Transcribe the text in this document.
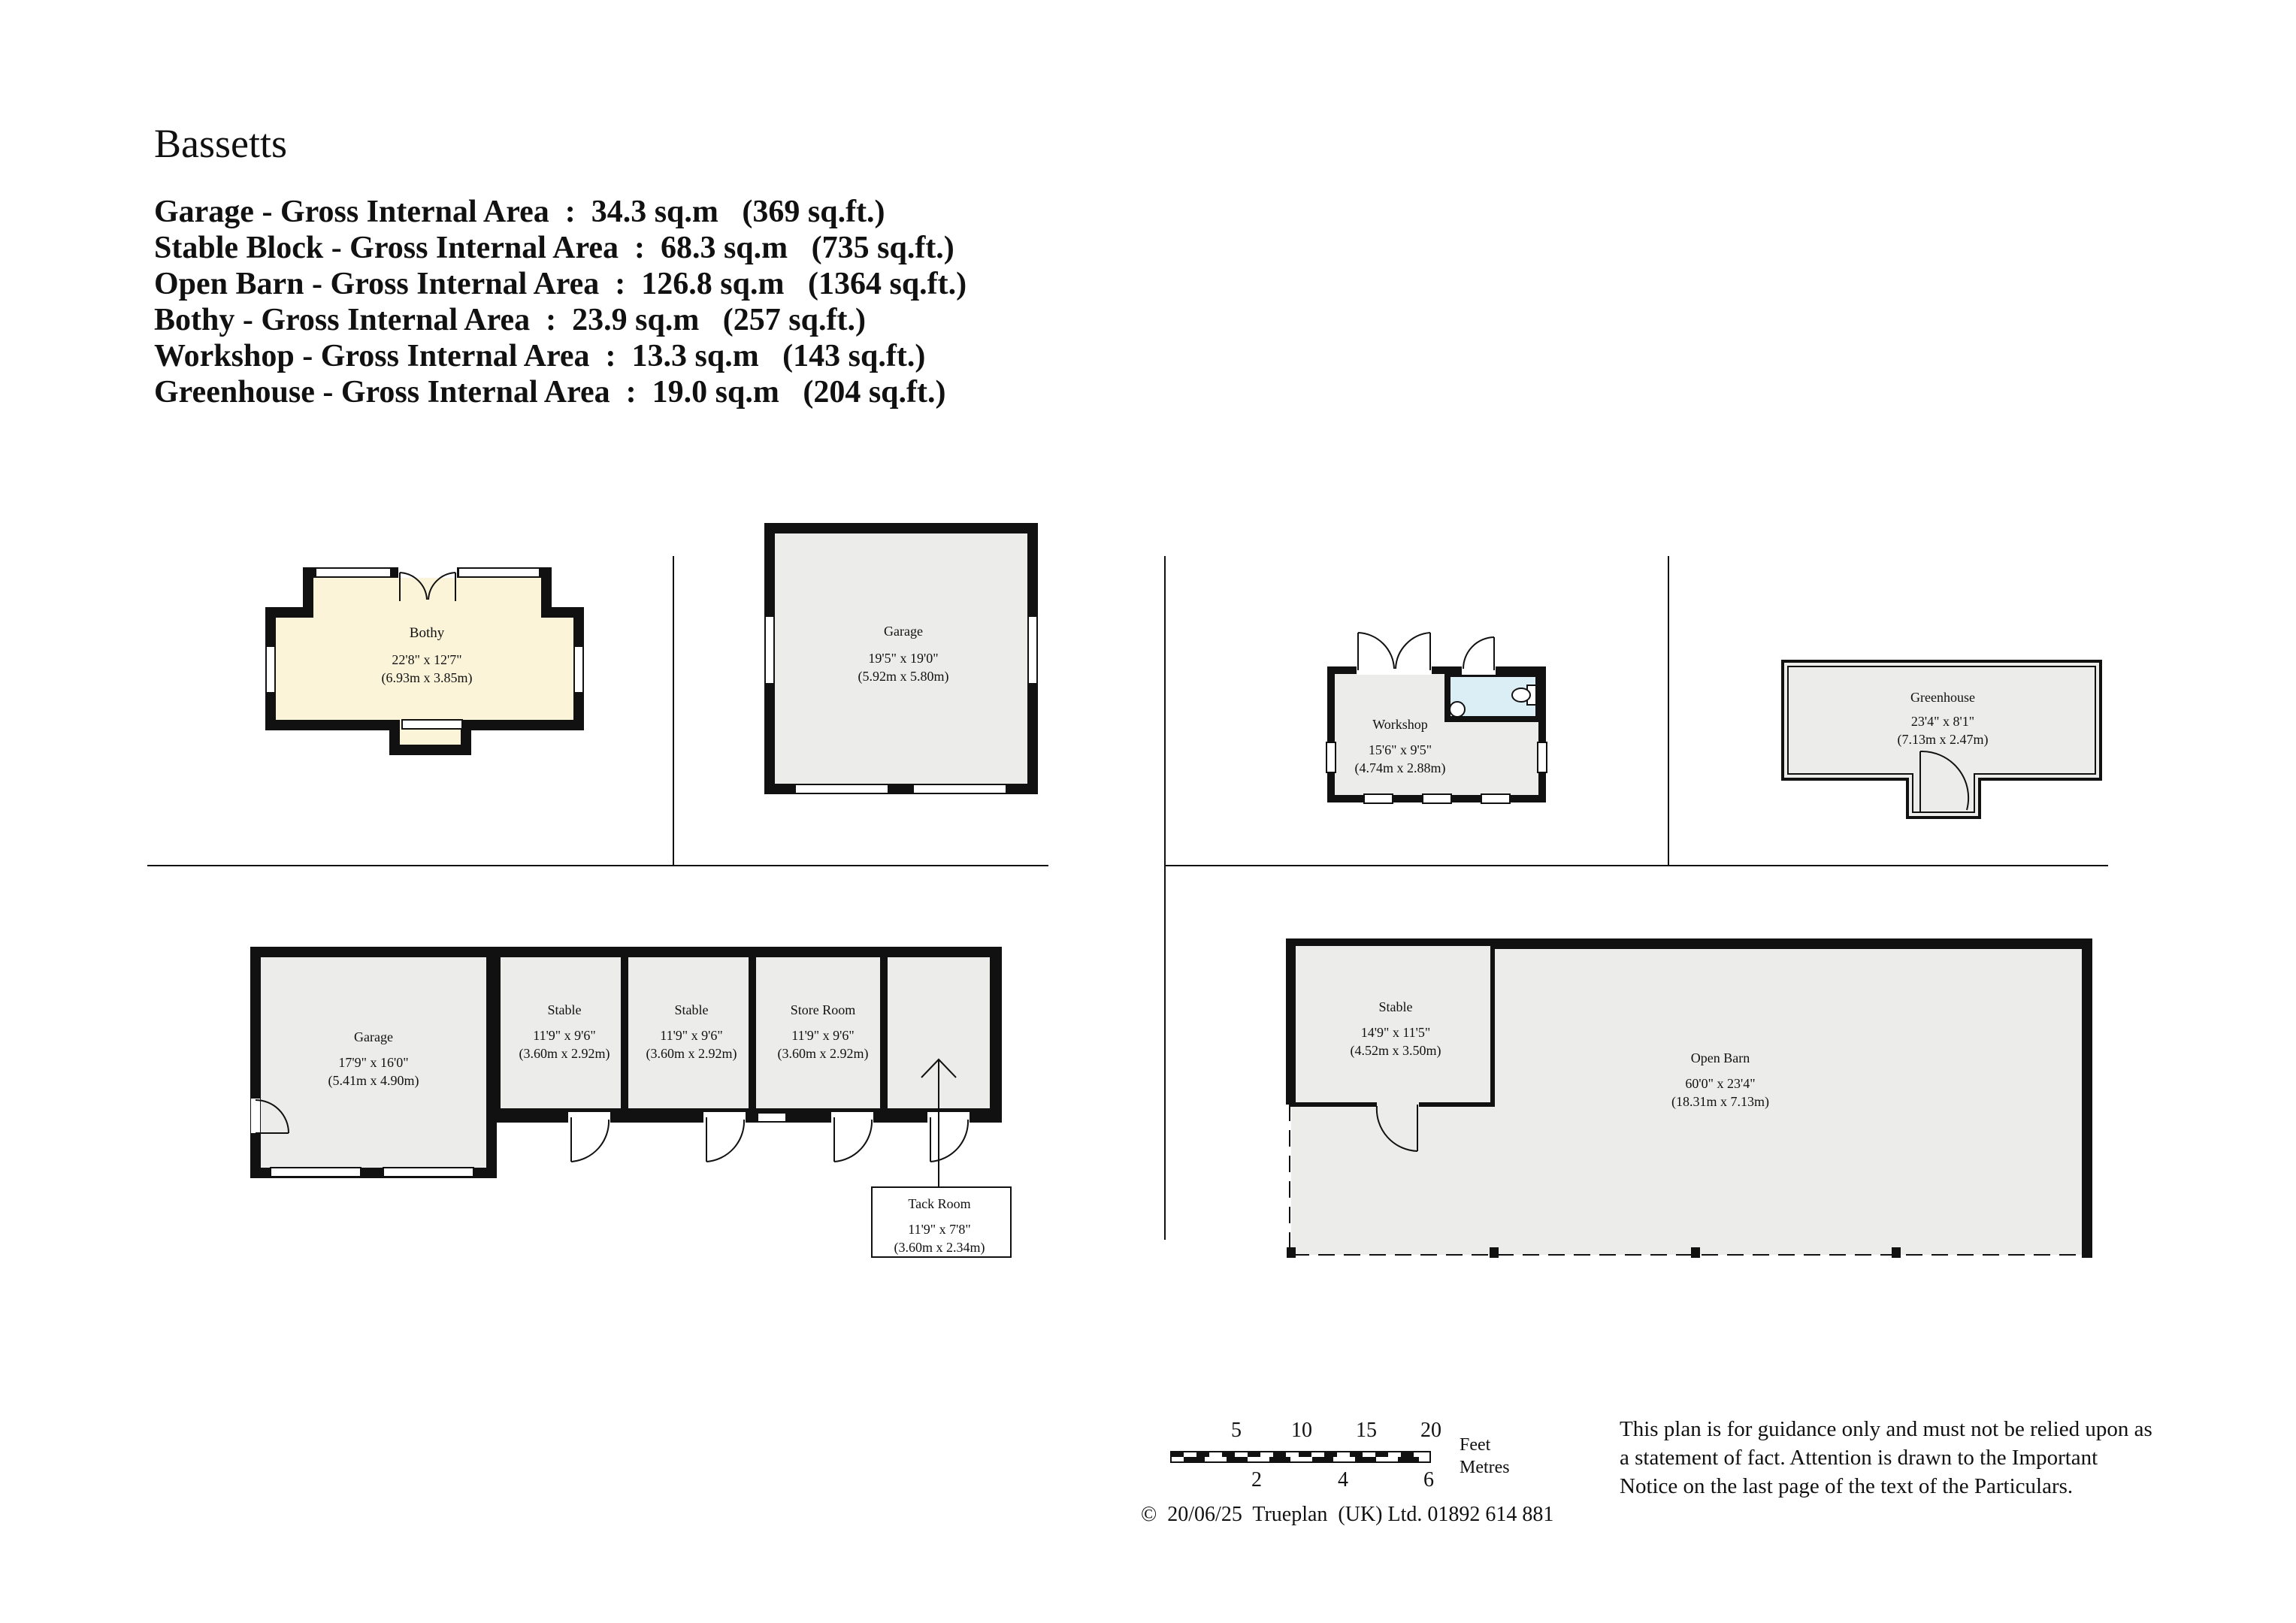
Bassetts
Garage - Gross Internal Area  :  34.3 sq.m   (369 sq.ft.)
Stable Block - Gross Internal Area  :  68.3 sq.m   (735 sq.ft.)
Open Barn - Gross Internal Area  :  126.8 sq.m   (1364 sq.ft.)
Bothy - Gross Internal Area  :  23.9 sq.m   (257 sq.ft.)
Workshop - Gross Internal Area  :  13.3 sq.m   (143 sq.ft.)
Greenhouse - Gross Internal Area  :  19.0 sq.m   (204 sq.ft.)
Bothy
22'8" x 12'7"
(6.93m x 3.85m)
Garage
19'5" x 19'0"
(5.92m x 5.80m)
Workshop
15'6" x 9'5"
(4.74m x 2.88m)
Greenhouse
23'4" x 8'1"
(7.13m x 2.47m)
Garage
17'9" x 16'0"
(5.41m x 4.90m)
Stable
11'9" x 9'6"
(3.60m x 2.92m)
Stable
11'9" x 9'6"
(3.60m x 2.92m)
Store Room
11'9" x 9'6"
(3.60m x 2.92m)
Tack Room
11'9" x 7'8"
(3.60m x 2.34m)
Stable
14'9" x 11'5"
(4.52m x 3.50m)	Open Barn
60'0" x 23'4"
(18.31m x 7.13m)
5 10 15 20
Feet
Metres
2	4	6
This plan is for guidance only and must not be relied upon as a statement of fact. Attention is drawn to the Important Notice on the last page of the text of the Particulars.
©  20/06/25  Trueplan  (UK) Ltd. 01892 614 881
